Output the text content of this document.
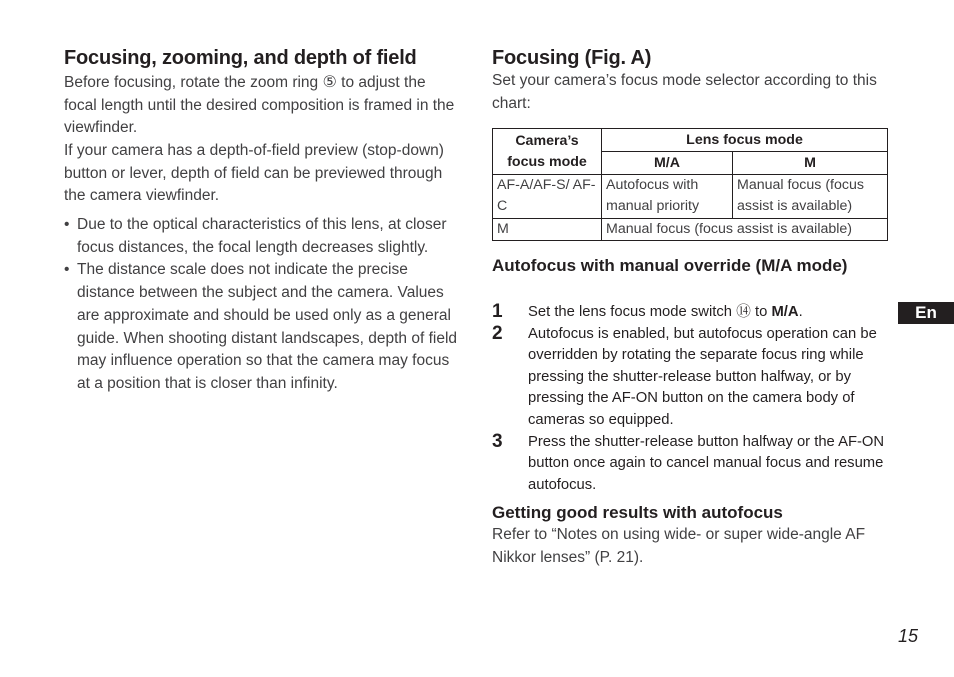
Focusing, zooming, and depth of field

Before focusing, rotate the zoom ring ⑤ to adjust the focal length until the desired composition is framed in the viewfinder.

If your camera has a depth-of-field preview (stop-down) button or lever, depth of field can be previewed through the camera viewfinder.

• Due to the optical characteristics of this lens, at closer focus distances, the focal length decreases slightly.
• The distance scale does not indicate the precise distance between the subject and the camera. Values are approximate and should be used only as a general guide. When shooting distant landscapes, depth of field may influence operation so that the camera may focus at a position that is closer than infinity.
Focusing (Fig. A)

Set your camera’s focus mode selector according to this chart:

Camera’s focus mode	Lens focus mode	
	M/A	M
AF-A/AF-S/ AF-C	Autofocus with manual priority	Manual focus (focus assist is available)
M	Manual focus (focus assist is available)	
Autofocus with manual override (M/A mode)
1 Set the lens focus mode switch ⑭ to M/A.
2 Autofocus is enabled, but autofocus operation can be overridden by rotating the separate focus ring while pressing the shutter-release button halfway, or by pressing the AF-ON button on the camera body of cameras so equipped.
3 Press the shutter-release button halfway or the AF-ON button once again to cancel manual focus and resume autofocus.
Getting good results with autofocus

Refer to “Notes on using wide- or super wide-angle AF Nikkor lenses” (P. 21).

En
15
